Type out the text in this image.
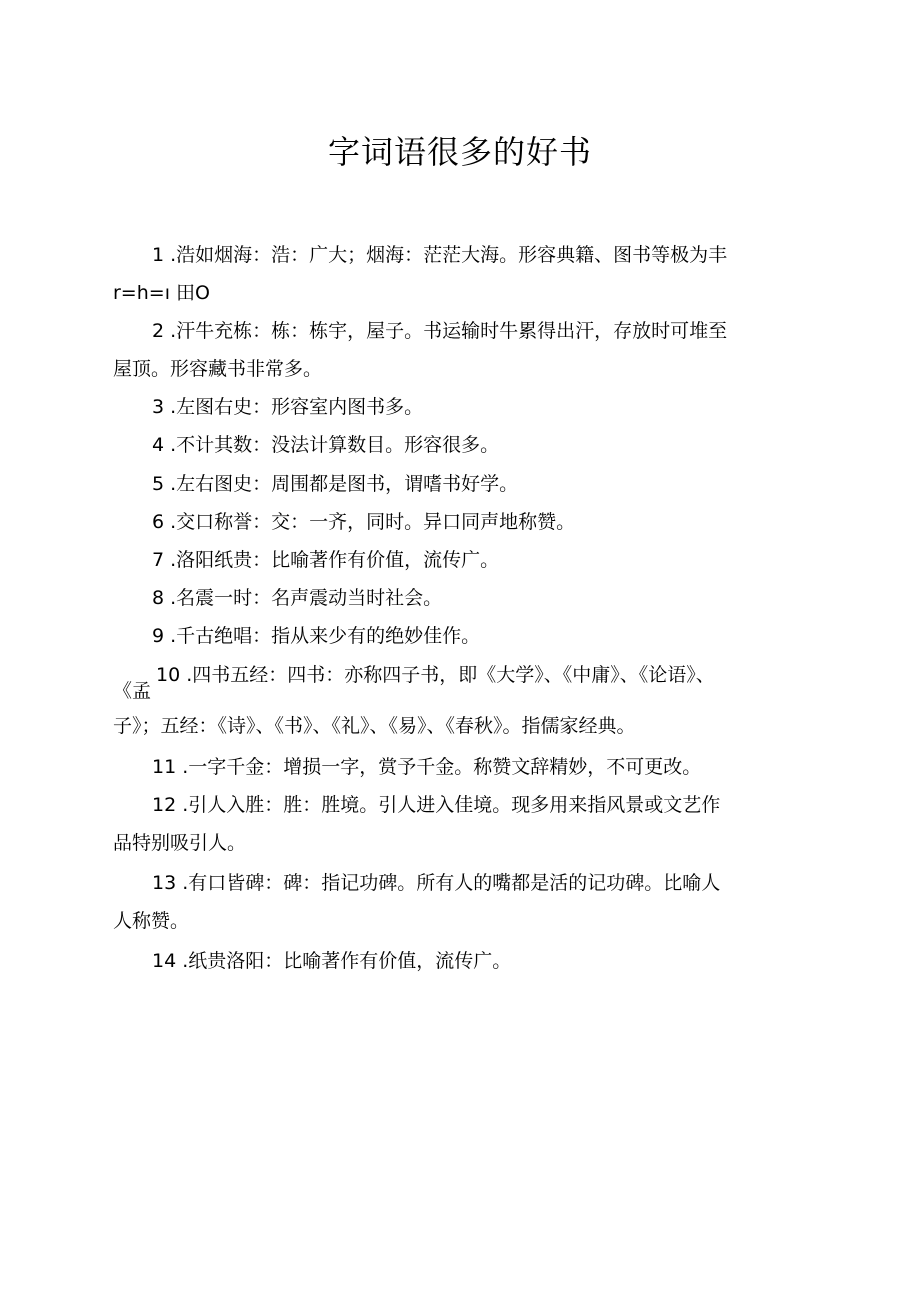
字词语很多的好书
1 .浩如烟海：浩：广大；烟海：茫茫大海。形容典籍、图书等极为丰
r=h=ı 田O
2 .汗牛充栋：栋：栋宇，屋子。书运输时牛累得出汗，存放时可堆至
屋顶。形容藏书非常多。
3 .左图右史：形容室内图书多。
4 .不计其数：没法计算数目。形容很多。
5 .左右图史：周围都是图书，谓嗜书好学。
6 .交口称誉：交：一齐，同时。异口同声地称赞。
7 .洛阳纸贵：比喻著作有价值，流传广。
8 .名震一时：名声震动当时社会。
9 .千古绝唱：指从来少有的绝妙佳作。
10 .四书五经：四书：亦称四子书，即《大学》、《中庸》、《论语》、
《孟
子》；五经：《诗》、《书》、《礼》、《易》、《春秋》。指儒家经典。
11 .一字千金：增损一字，赏予千金。称赞文辞精妙，不可更改。
12 .引人入胜：胜：胜境。引人进入佳境。现多用来指风景或文艺作
品特别吸引人。
13 .有口皆碑：碑：指记功碑。所有人的嘴都是活的记功碑。比喻人
人称赞。
14 .纸贵洛阳：比喻著作有价值，流传广。
